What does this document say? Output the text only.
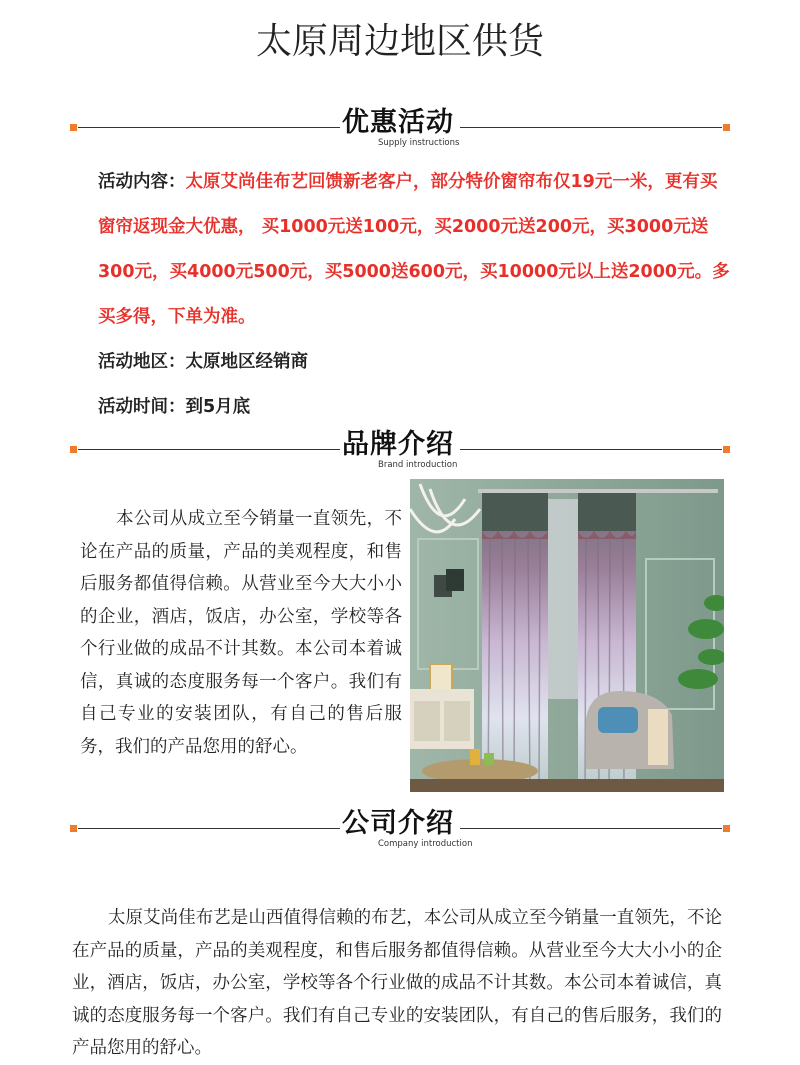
太原周边地区供货
优惠活动
Supply instructions

活动内容：太原艾尚佳布艺回馈新老客户，部分特价窗帘布仅19元一米，更有买窗帘返现金大优惠， 买1000元送100元，买2000元送200元，买3000元送300元，买4000元500元，买5000送600元，买10000元以上送2000元。多买多得，下单为准。

活动地区：太原地区经销商

活动时间：到5月底

品牌介绍
Brand introduction
本公司从成立至今销量一直领先，不论在产品的质量，产品的美观程度，和售后服务都值得信赖。从营业至今大大小小的企业，酒店，饭店，办公室，学校等各个行业做的成品不计其数。本公司本着诚信，真诚的态度服务每一个客户。我们有自己专业的安装团队，有自己的售后服务，我们的产品您用的舒心。
公司介绍
Company introduction
太原艾尚佳布艺是山西值得信赖的布艺，本公司从成立至今销量一直领先，不论在产品的质量，产品的美观程度，和售后服务都值得信赖。从营业至今大大小小的企业，酒店，饭店，办公室，学校等各个行业做的成品不计其数。本公司本着诚信，真诚的态度服务每一个客户。我们有自己专业的安装团队，有自己的售后服务，我们的产品您用的舒心。
